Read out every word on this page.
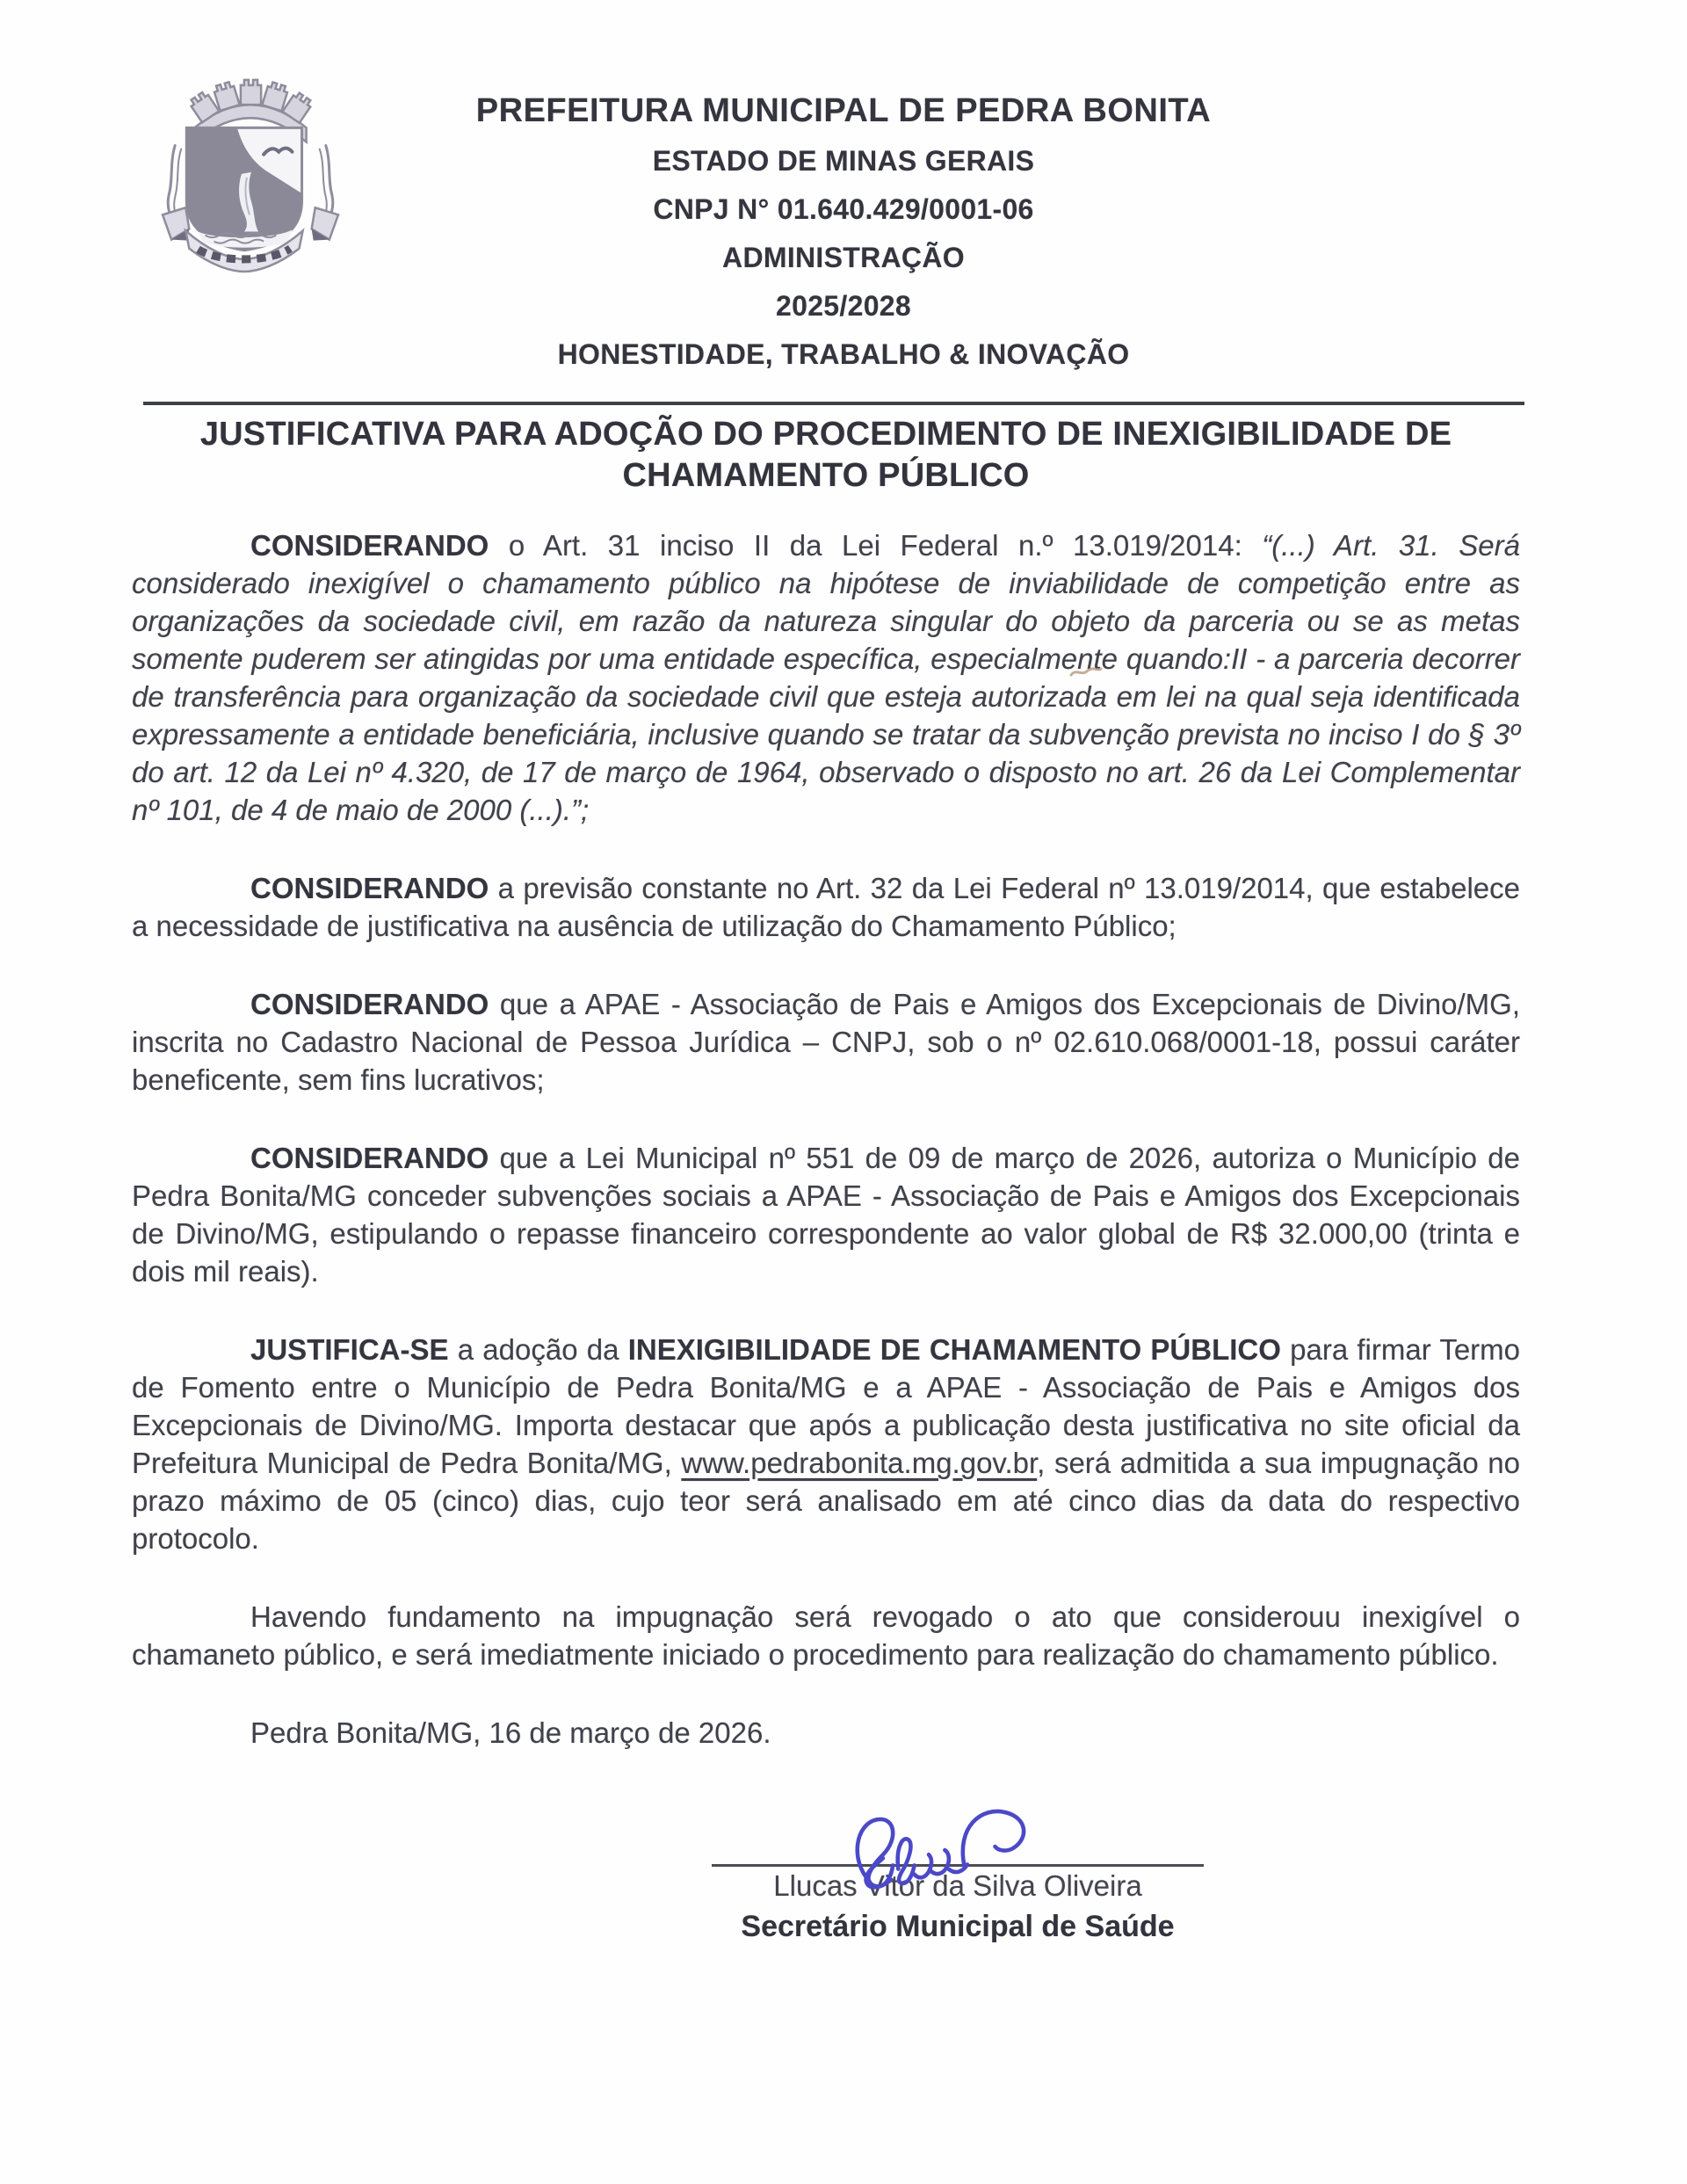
PREFEITURA MUNICIPAL DE PEDRA BONITA
ESTADO DE MINAS GERAIS
CNPJ N° 01.640.429/0001-06
ADMINISTRAÇÃO
2025/2028
HONESTIDADE, TRABALHO & INOVAÇÃO
JUSTIFICATIVA PARA ADOÇÃO DO PROCEDIMENTO DE INEXIGIBILIDADE DE CHAMAMENTO PÚBLICO

CONSIDERANDO o Art. 31 inciso II da Lei Federal n.º 13.019/2014: “(...) Art. 31. Será considerado inexigível o chamamento público na hipótese de inviabilidade de competição entre as organizações da sociedade civil, em razão da natureza singular do objeto da parceria ou se as metas somente puderem ser atingidas por uma entidade específica, especialmente quando:II - a parceria decorrer de transferência para organização da sociedade civil que esteja autorizada em lei na qual seja identificada expressamente a entidade beneficiária, inclusive quando se tratar da subvenção prevista no inciso I do § 3º do art. 12 da Lei nº 4.320, de 17 de março de 1964, observado o disposto no art. 26 da Lei Complementar nº 101, de 4 de maio de 2000 (...).”;

CONSIDERANDO a previsão constante no Art. 32 da Lei Federal nº 13.019/2014, que estabelece a necessidade de justificativa na ausência de utilização do Chamamento Público;

CONSIDERANDO que a APAE - Associação de Pais e Amigos dos Excepcionais de Divino/MG, inscrita no Cadastro Nacional de Pessoa Jurídica – CNPJ, sob o nº 02.610.068/0001-18, possui caráter beneficente, sem fins lucrativos;

CONSIDERANDO que a Lei Municipal nº 551 de 09 de março de 2026, autoriza o Município de Pedra Bonita/MG conceder subvenções sociais a APAE - Associação de Pais e Amigos dos Excepcionais de Divino/MG, estipulando o repasse financeiro correspondente ao valor global de R$ 32.000,00 (trinta e dois mil reais).

JUSTIFICA-SE a adoção da INEXIGIBILIDADE DE CHAMAMENTO PÚBLICO para firmar Termo de Fomento entre o Município de Pedra Bonita/MG e a APAE - Associação de Pais e Amigos dos Excepcionais de Divino/MG. Importa destacar que após a publicação desta justificativa no site oficial da Prefeitura Municipal de Pedra Bonita/MG, www.pedrabonita.mg.gov.br, será admitida a sua impugnação no prazo máximo de 05 (cinco) dias, cujo teor será analisado em até cinco dias da data do respectivo protocolo.

Havendo fundamento na impugnação será revogado o ato que considerouu inexigível o chamaneto público, e será imediatmente iniciado o procedimento para realização do chamamento público.

Pedra Bonita/MG, 16 de março de 2026.

Llucas Vitor da Silva Oliveira
Secretário Municipal de Saúde
